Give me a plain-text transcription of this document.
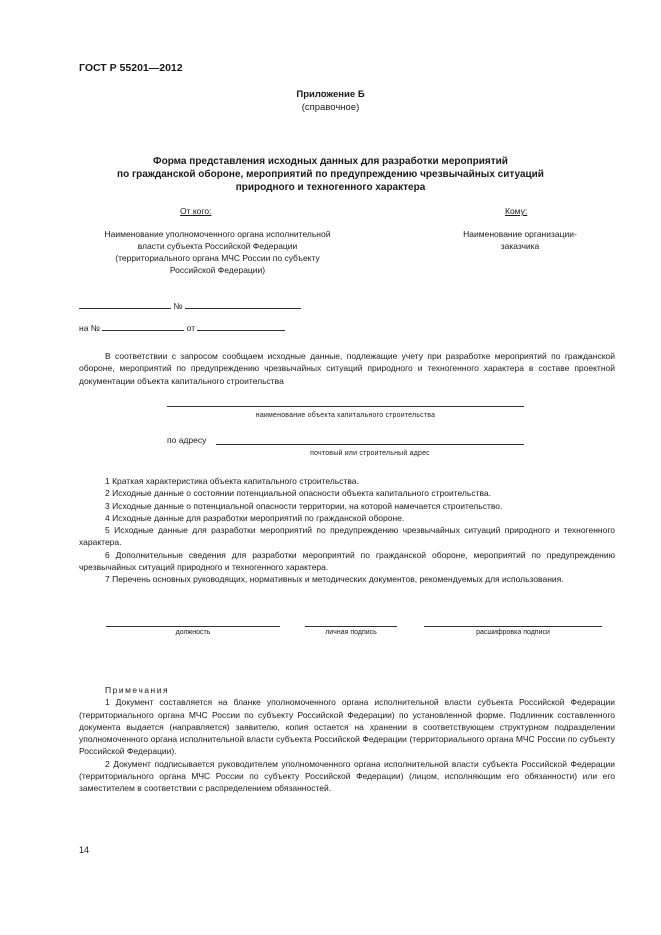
ГОСТ Р 55201—2012
Приложение Б
(справочное)
Форма представления исходных данных для разработки мероприятий
по гражданской обороне, мероприятий по предупреждению чрезвычайных ситуаций
природного и техногенного характера
От кого:	Кому:
Наименование уполномоченного органа исполнительной
власти субъекта Российской Федерации
(территориального органа МЧС России по субъекту
Российской Федерации)
Наименование организации-
заказчика
№
на №	от

В соответствии с запросом сообщаем исходные данные, подлежащие учету при разработке мероприятий по гражданской обороне, мероприятий по предупреждению чрезвычайных ситуаций природного и техногенного характера в составе проектной документации объекта капитального строительства

наименование объекта капитального строительства
по адресу
почтовый или строительный адрес

1 Краткая характеристика объекта капитального строительства.

2 Исходные данные о состоянии потенциальной опасности объекта капитального строительства.

3 Исходные данные о потенциальной опасности территории, на которой намечается строительство.

4 Исходные данные для разработки мероприятий по гражданской обороне.

5 Исходные данные для разработки мероприятий по предупреждению чрезвычайных ситуаций природного и техногенного характера.

6 Дополнительные сведения для разработки мероприятий по гражданской обороне, мероприятий по предупреждению чрезвычайных ситуаций природного и техногенного характера.

7 Перечень основных руководящих, нормативных и методических документов, рекомендуемых для использования.

должность	личная подпись	расшифровка подписи

Примечания

1 Документ составляется на бланке уполномоченного органа исполнительной власти субъекта Российской Федерации (территориального органа МЧС России по субъекту Российской Федерации) по установленной форме. Подлинник составленного документа выдается (направляется) заявителю, копия остается на хранении в соответствующем структурном подразделении уполномоченного органа исполнительной власти субъекта Российской Федерации (территориального органа МЧС России по субъекту Российской Федерации).

2 Документ подписывается руководителем уполномоченного органа исполнительной власти субъекта Российской Федерации (территориального органа МЧС России по субъекту Российской Федерации) (лицом, исполняющим его обязанности) или его заместителем в соответствии с распределением обязанностей.

14
